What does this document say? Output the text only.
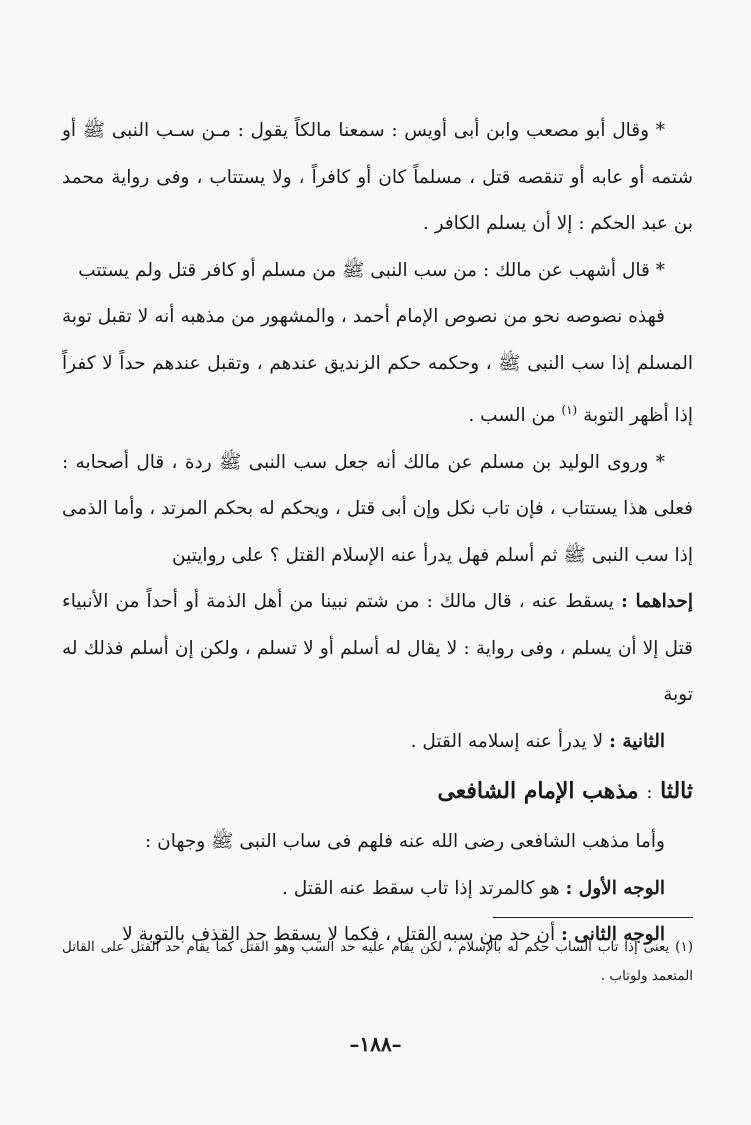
* وقال أبو مصعب وابن أبى أويس : سمعنا مالكاً يقول : مـن سـب النبى ﷺ أو شتمه أو عابه أو تنقصه قتل ، مسلماً كان أو كافراً ، ولا يستتاب ، وفى رواية محمد بن عبد الحكم : إلا أن يسلم الكافر .

* قال أشهب عن مالك : من سب النبى ﷺ من مسلم أو كافر قتل ولم يستتب

فهذه نصوصه نحو من نصوص الإمام أحمد ، والمشهور من مذهبه أنه لا تقبل توبة المسلم إذا سب النبى ﷺ ، وحكمه حكم الزنديق عندهم ، وتقبل عندهم حداً لا كفراً إذا أظهر التوبة $^{(١)}$ من السب .

* وروى الوليد بن مسلم عن مالك أنه جعل سب النبى ﷺ ردة ، قال أصحابه : فعلى هذا يستتاب ، فإن تاب نكل وإن أبى قتل ، ويحكم له بحكم المرتد ، وأما الذمى إذا سب النبى ﷺ ثم أسلم فهل يدرأ عنه الإسلام القتل ؟ على روايتين

إحداهما : يسقط عنه ، قال مالك : من شتم نبينا من أهل الذمة أو أحداً من الأنبياء قتل إلا أن يسلم ، وفى رواية : لا يقال له أسلم أو لا تسلم ، ولكن إن أسلم فذلك له توبة

الثانية : لا يدرأ عنه إسلامه القتل .

ثالثا : مذهب الإمام الشافعى

وأما مذهب الشافعى رضى الله عنه فلهم فى ساب النبى ﷺ وجهان :

الوجه الأول : هو كالمرتد إذا تاب سقط عنه القتل .

الوجه الثانى : أن حد من سبه القتل ، فكما لا يسقط حد القذف بالتوبة لا

(١) يعنى إذا تاب الساب حكم له بالإسلام ، لكن يقام عليه حد السب وهو القتل كما يقام حد القتل على القاتل المتعمد ولوتاب .
–١٨٨–
